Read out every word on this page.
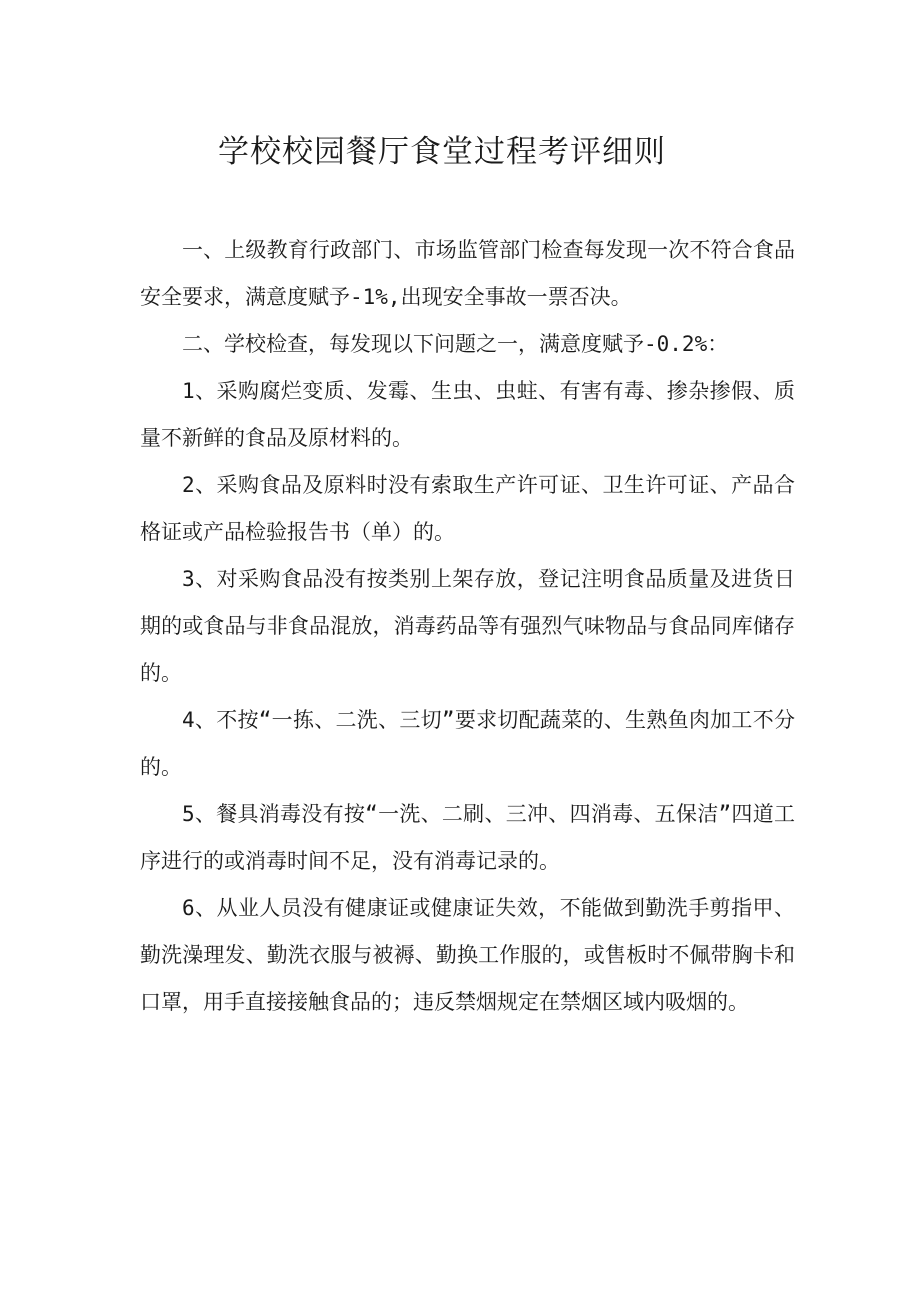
学校校园餐厅食堂过程考评细则

一、上级教育行政部门、市场监管部门检查每发现一次不符合食品安全要求，满意度赋予-1%,出现安全事故一票否决。

二、学校检查，每发现以下问题之一，满意度赋予-0.2%：

1、采购腐烂变质、发霉、生虫、虫蛀、有害有毒、掺杂掺假、质量不新鲜的食品及原材料的。

2、采购食品及原料时没有索取生产许可证、卫生许可证、产品合格证或产品检验报告书（单）的。

3、对采购食品没有按类别上架存放，登记注明食品质量及进货日期的或食品与非食品混放，消毒药品等有强烈气味物品与食品同库储存的。

4、不按“一拣、二洗、三切”要求切配蔬菜的、生熟鱼肉加工不分的。

5、餐具消毒没有按“一洗、二刷、三冲、四消毒、五保洁”四道工序进行的或消毒时间不足，没有消毒记录的。

6、从业人员没有健康证或健康证失效，不能做到勤洗手剪指甲、勤洗澡理发、勤洗衣服与被褥、勤换工作服的，或售板时不佩带胸卡和口罩，用手直接接触食品的；违反禁烟规定在禁烟区域内吸烟的。
